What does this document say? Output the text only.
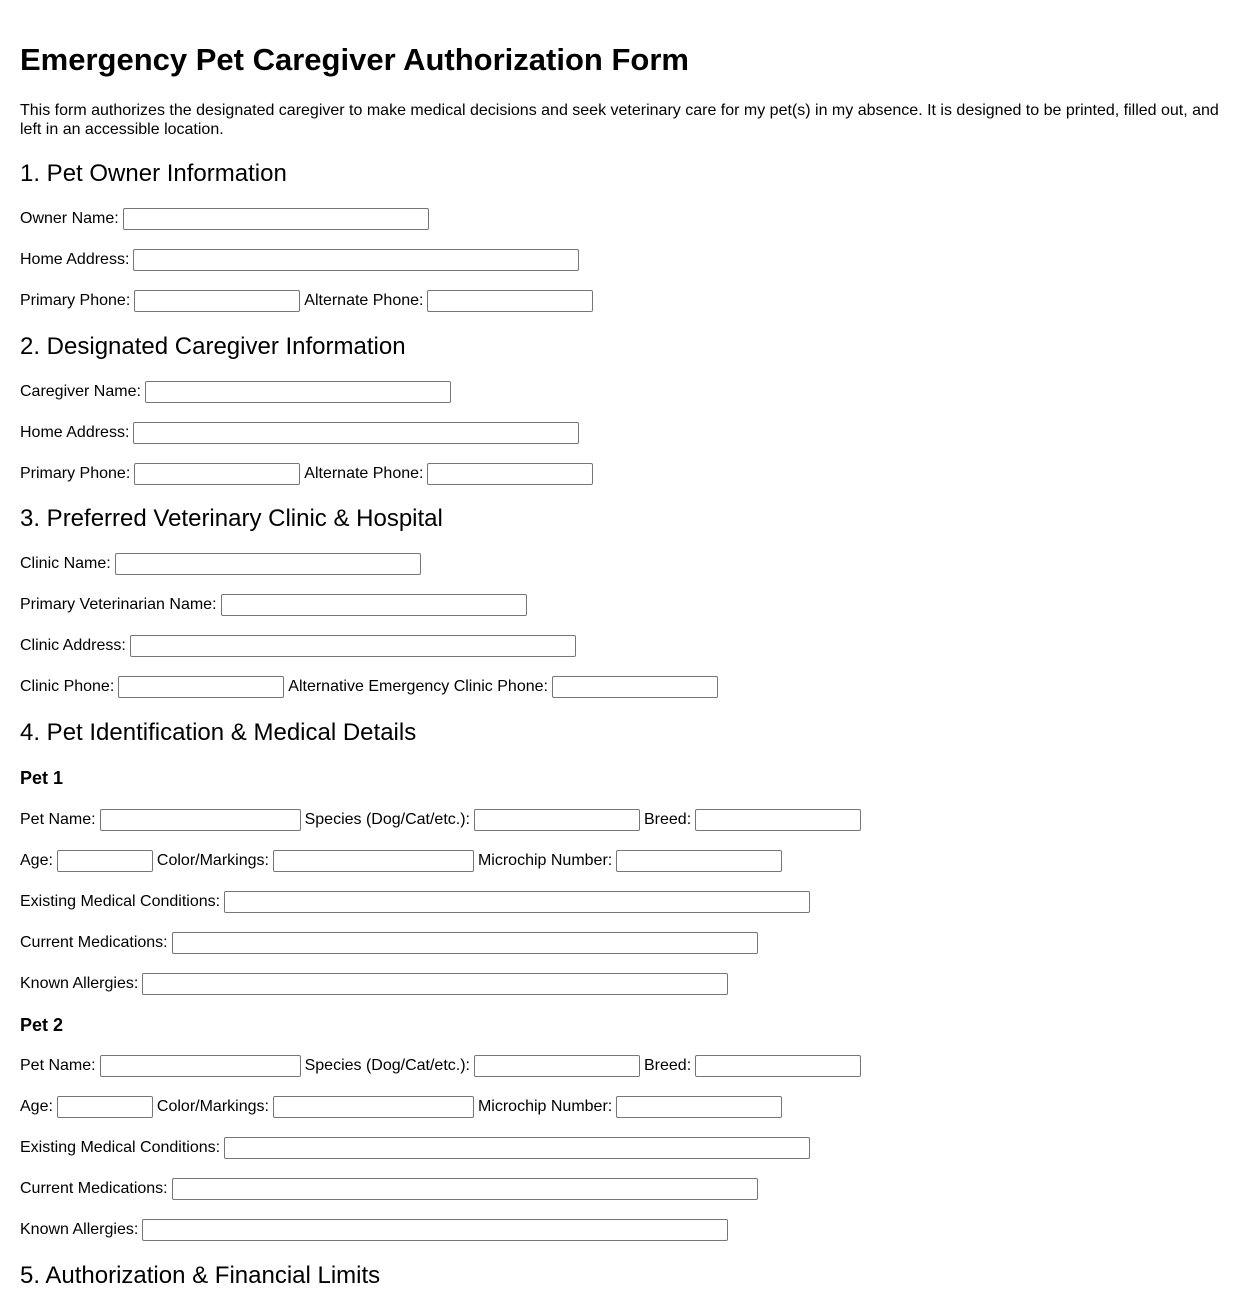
Emergency Pet Caregiver Authorization Form

This form authorizes the designated caregiver to make medical decisions and seek veterinary care for my pet(s) in my absence. It is designed to be printed, filled out, and left in an accessible location.

1. Pet Owner Information
Owner Name:
Home Address:
Primary Phone:	Alternate Phone:
2. Designated Caregiver Information
Caregiver Name:
Home Address:
Primary Phone:	Alternate Phone:
3. Preferred Veterinary Clinic & Hospital
Clinic Name:
Primary Veterinarian Name:
Clinic Address:
Clinic Phone:	Alternative Emergency Clinic Phone:
4. Pet Identification & Medical Details
Pet 1
Pet Name:	Species (Dog/Cat/etc.):	Breed:
Age:	Color/Markings:	Microchip Number:
Existing Medical Conditions:
Current Medications:
Known Allergies:
Pet 2
Pet Name:	Species (Dog/Cat/etc.):	Breed:
Age:	Color/Markings:	Microchip Number:
Existing Medical Conditions:
Current Medications:
Known Allergies:
5. Authorization & Financial Limits
